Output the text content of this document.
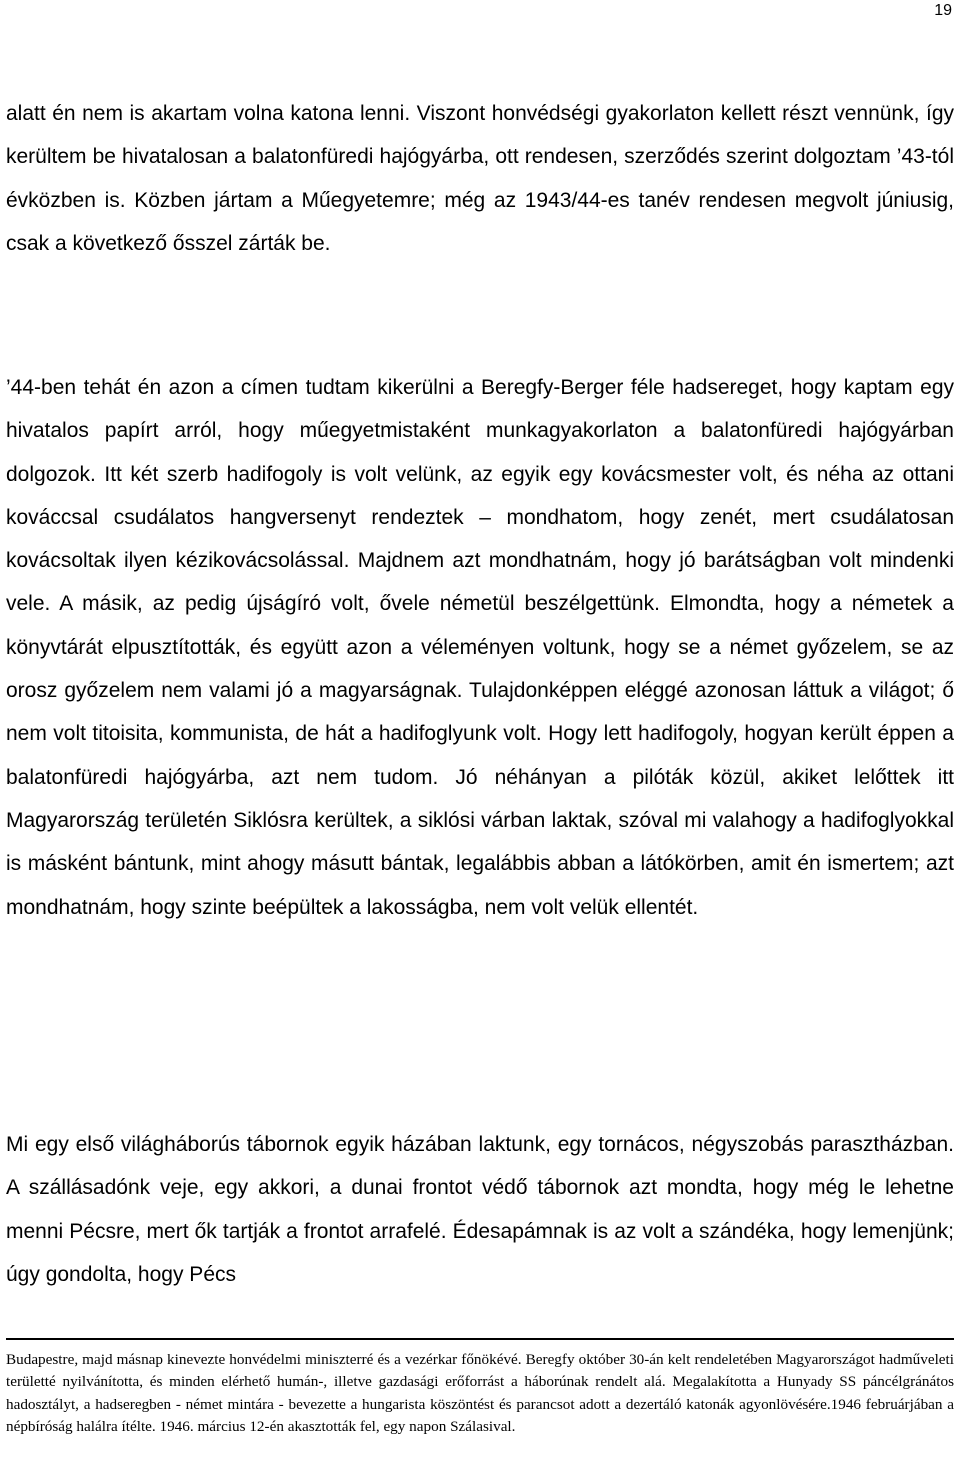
19

alatt én nem is akartam volna katona lenni. Viszont honvédségi gyakorlaton kellett részt vennünk, így kerültem be hivatalosan a balatonfüredi hajógyárba, ott rendesen, szerződés szerint dolgoztam ’43-tól évközben is. Közben jártam a Műegyetemre; még az 1943/44-es tanév rendesen megvolt júniusig, csak a következő ősszel zárták be.

’44-ben tehát én azon a címen tudtam kikerülni a Beregfy-Berger féle hadsereget, hogy kaptam egy hivatalos papírt arról, hogy műegyetmistaként munkagyakorlaton a balatonfüredi hajógyárban dolgozok. Itt két szerb hadifogoly is volt velünk, az egyik egy kovácsmester volt, és néha az ottani kováccsal csudálatos hangversenyt rendeztek – mondhatom, hogy zenét, mert csudálatosan kovácsoltak ilyen kézikovácsolással. Majdnem azt mondhatnám, hogy jó barátságban volt mindenki vele. A másik, az pedig újságíró volt, ővele németül beszélgettünk. Elmondta, hogy a németek a könyvtárát elpusztították, és együtt azon a véleményen voltunk, hogy se a német győzelem, se az orosz győzelem nem valami jó a magyarságnak. Tulajdonképpen eléggé azonosan láttuk a világot; ő nem volt titoisita, kommunista, de hát a hadifoglyunk volt. Hogy lett hadifogoly, hogyan került éppen a balatonfüredi hajógyárba, azt nem tudom. Jó néhányan a pilóták közül, akiket lelőttek itt Magyarország területén Siklósra kerültek, a siklósi várban laktak, szóval mi valahogy a hadifoglyokkal is másként bántunk, mint ahogy másutt bántak, legalábbis abban a látókörben, amit én ismertem; azt mondhatnám, hogy szinte beépültek a lakosságba, nem volt velük ellentét.

Mi egy első világháborús tábornok egyik házában laktunk, egy tornácos, négyszobás parasztházban. A szállásadónk veje, egy akkori, a dunai frontot védő tábornok azt mondta, hogy még le lehetne menni Pécsre, mert ők tartják a frontot arrafelé. Édesapámnak is az volt a szándéka, hogy lemenjünk; úgy gondolta, hogy Pécs

Budapestre, majd másnap kinevezte honvédelmi miniszterré és a vezérkar főnökévé. Beregfy október 30-án kelt rendeletében Magyarországot hadműveleti területté nyilvánította, és minden elérhető humán-, illetve gazdasági erőforrást a háborúnak rendelt alá. Megalakította a Hunyady SS páncélgránátos hadosztályt, a hadseregben - német mintára - bevezette a hungarista köszöntést és parancsot adott a dezertáló katonák agyonlövésére.1946 februárjában a népbíróság halálra ítélte. 1946. március 12-én akasztották fel, egy napon Szálasival.
